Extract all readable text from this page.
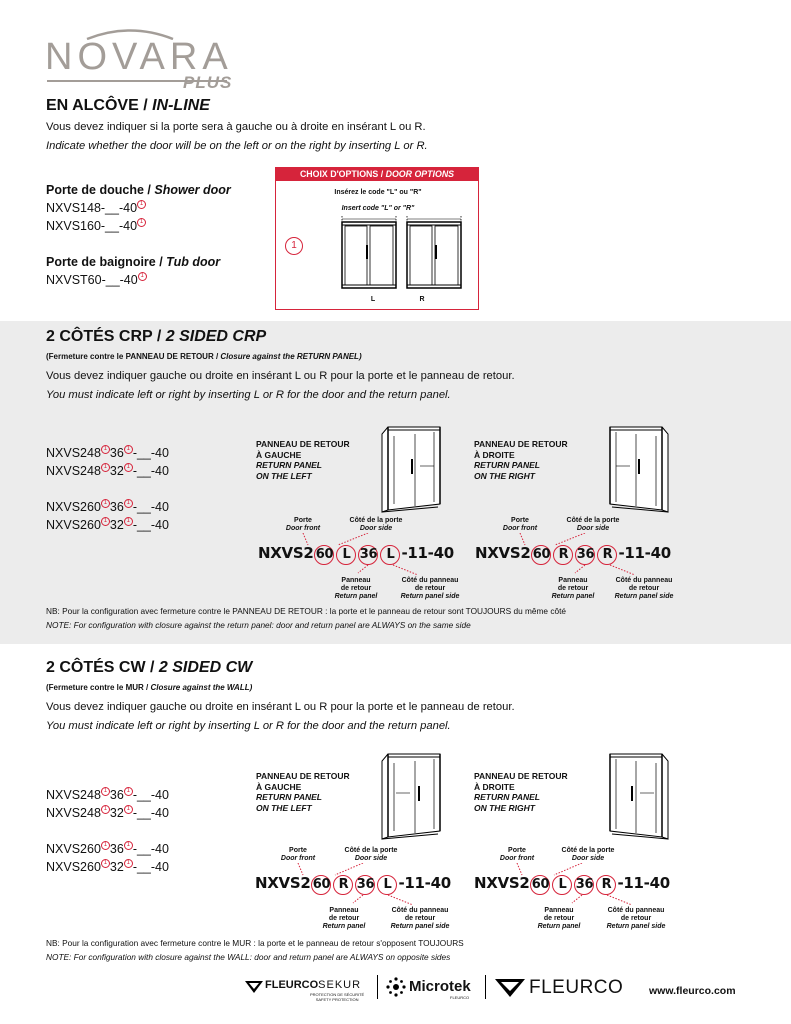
NOVARA
PLUS
EN ALCÔVE / IN-LINE
Vous devez indiquer si la porte sera à gauche ou à droite en insérant L ou R.
Indicate whether the door will be on the left or on the right by inserting L or R.
Porte de douche / Shower door
NXVS148-__-40 1
NXVS160-__-40 1
Porte de baignoire / Tub door
NXVST60-__-40 1
CHOIX D'OPTIONS / DOOR OPTIONS
Insérez le code "L" ou "R"
Insert code "L" or "R"
1
L	R
2 CÔTÉS CRP / 2 SIDED CRP
(Fermeture contre le PANNEAU DE RETOUR / Closure against the RETURN PANEL)
Vous devez indiquer gauche ou droite en insérant L ou R pour la porte et le panneau de retour.
You must indicate left or right by inserting L or R for the door and the return panel.
NXVS248 1 36 1 -__-40
NXVS248 1 32 1 -__-40
NXVS260 1 36 1 -__-40
NXVS260 1 32 1 -__-40
PANNEAU DE RETOUR
À GAUCHE
RETURN PANEL
ON THE LEFT
PANNEAU DE RETOUR
À DROITE
RETURN PANEL
ON THE RIGHT
Porte
Door front
Côté de la porte
Door side
NXVS2 60 L 36 L -11-40
Panneau
de retour
Return panel
Côté du panneau
de retour
Return panel side
Porte
Door front
Côté de la porte
Door side
NXVS2 60 R 36 R -11-40
Panneau
de retour
Return panel
Côté du panneau
de retour
Return panel side
NB: Pour la configuration avec fermeture contre le PANNEAU DE RETOUR : la porte et le panneau de retour sont TOUJOURS du même côté
NOTE: For configuration with closure against the return panel: door and return panel are ALWAYS on the same side
2 CÔTÉS CW / 2 SIDED CW
(Fermeture contre le MUR / Closure against the WALL)
Vous devez indiquer gauche ou droite en insérant L ou R pour la porte et le panneau de retour.
You must indicate left or right by inserting L or R for the door and the return panel.
NXVS248 1 36 1 -__-40
NXVS248 1 32 1 -__-40
NXVS260 1 36 1 -__-40
NXVS260 1 32 1 -__-40
PANNEAU DE RETOUR
À GAUCHE
RETURN PANEL
ON THE LEFT
PANNEAU DE RETOUR
À DROITE
RETURN PANEL
ON THE RIGHT
Porte
Door front
Côté de la porte
Door side
NXVS2 60 R 36 L -11-40
Panneau
de retour
Return panel
Côté du panneau
de retour
Return panel side
Porte
Door front
Côté de la porte
Door side
NXVS2 60 L 36 R -11-40
Panneau
de retour
Return panel
Côté du panneau
de retour
Return panel side
NB: Pour la configuration avec fermeture contre le MUR : la porte et le panneau de retour s'opposent TOUJOURS
NOTE: For configuration with closure against the WALL: door and return panel are ALWAYS on opposite sides
FLEURCOSEKUR
PROTECTION DE SÉCURITÉ
SAFETY PROTECTION
Microtek
FLEURCO	FLEURCO www.fleurco.com
